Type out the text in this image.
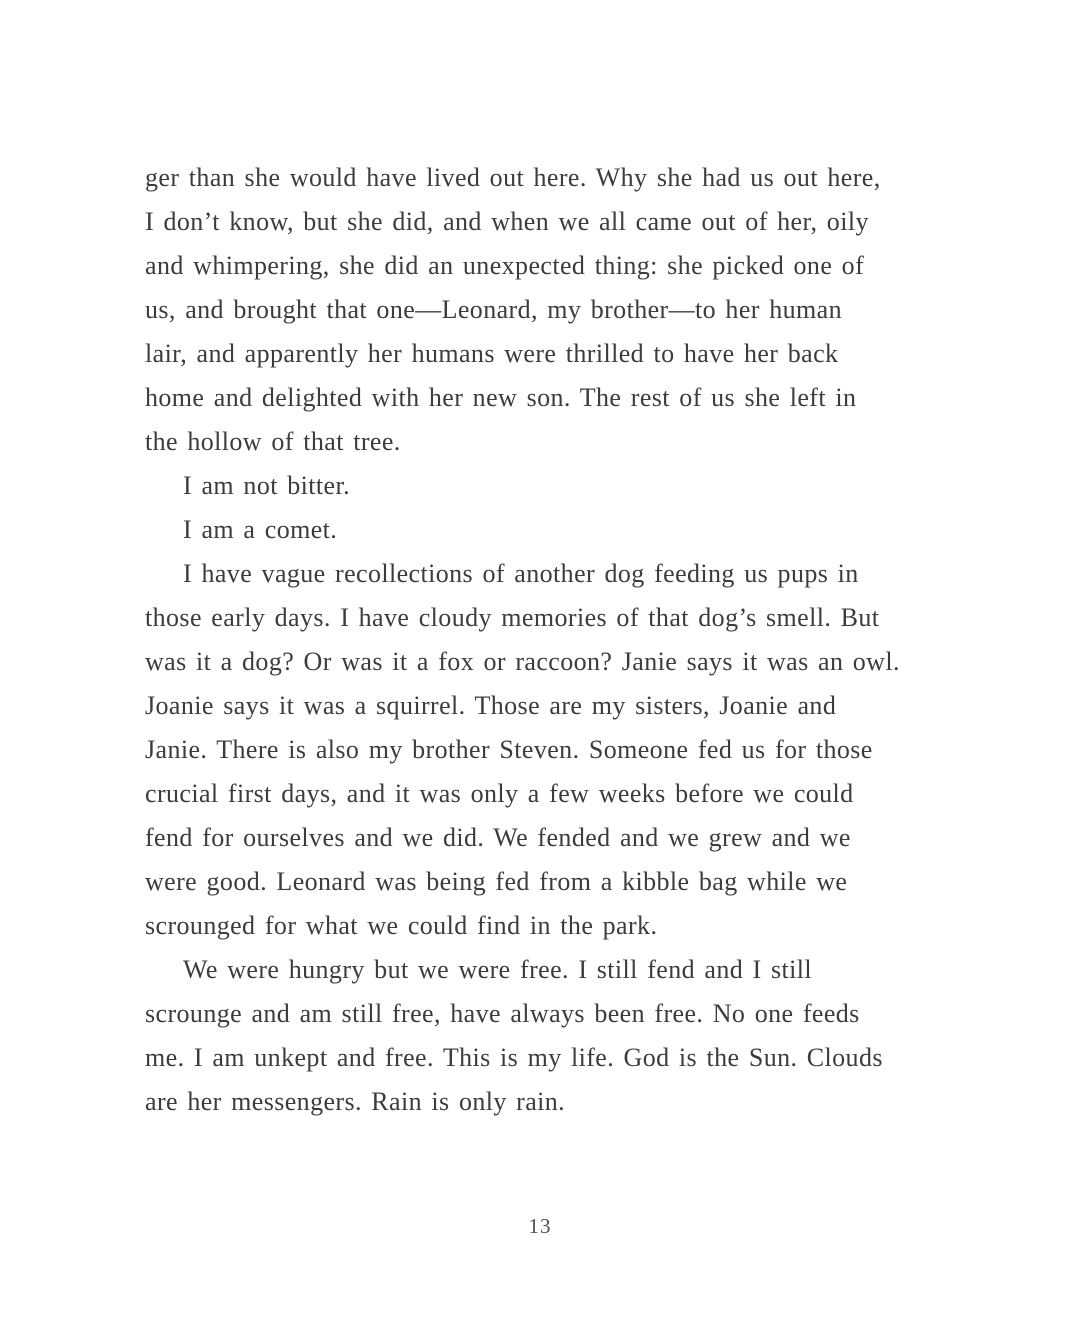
ger than she would have lived out here. Why she had us out here,
I don’t know, but she did, and when we all came out of her, oily
and whimpering, she did an unexpected thing: she picked one of
us, and brought that one—Leonard, my brother—to her human
lair, and apparently her humans were thrilled to have her back
home and delighted with her new son. The rest of us she left in
the hollow of that tree.
I am not bitter.
I am a comet.
I have vague recollections of another dog feeding us pups in
those early days. I have cloudy memories of that dog’s smell. But
was it a dog? Or was it a fox or raccoon? Janie says it was an owl.
Joanie says it was a squirrel. Those are my sisters, Joanie and
Janie. There is also my brother Steven. Someone fed us for those
crucial first days, and it was only a few weeks before we could
fend for ourselves and we did. We fended and we grew and we
were good. Leonard was being fed from a kibble bag while we
scrounged for what we could find in the park.
We were hungry but we were free. I still fend and I still
scrounge and am still free, have always been free. No one feeds
me. I am unkept and free. This is my life. God is the Sun. Clouds
are her messengers. Rain is only rain.
13
